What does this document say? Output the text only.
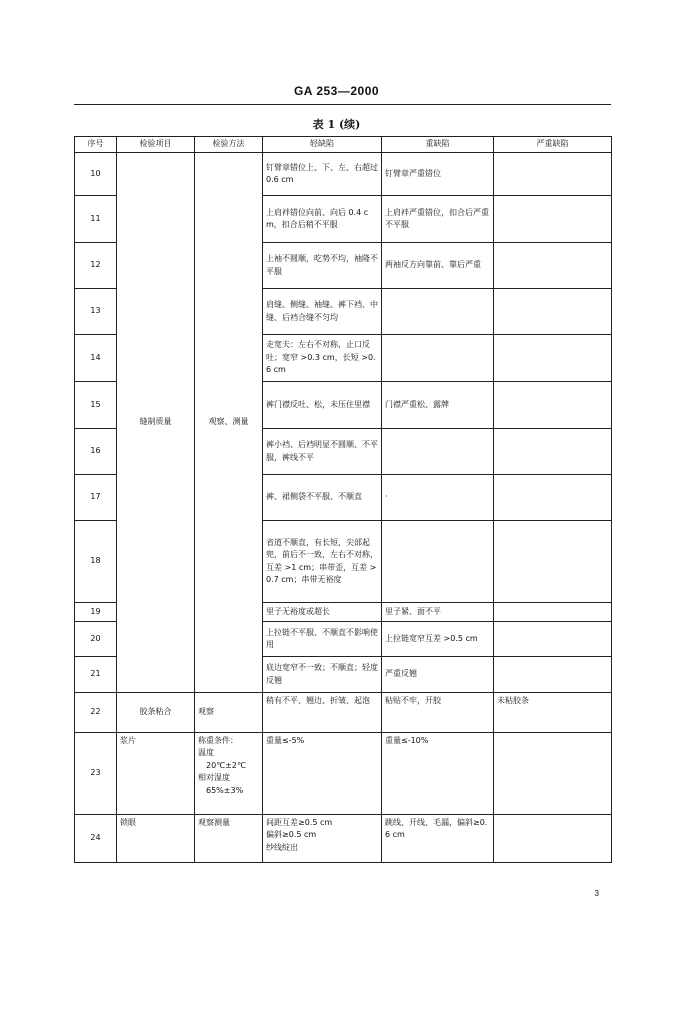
GA 253—2000
表 1 (续)
序号	检验项目	检验方法	轻缺陷	重缺陷	严重缺陷
10	缝制质量	观察、测量	钉臂章错位上、下、左、右超过 0.6 cm	钉臂章严重错位	
11			上肩袢错位向前、向后 0.4 cm，扣合后稍不平服	上肩袢严重错位，扣合后严重不平服	
12			上袖不圆顺，吃势不均，袖隆不平服	两袖反方向靠前、靠后严重	
13			肩缝、侧缝、袖缝、裤下裆、中缝、后裆合缝不匀均		
14			走宽夫：左右不对称，止口反吐；宽窄 >0.3 cm，长短 >0.6 cm		
15			裤门襟反吐、松，未压住里襟	门襟严重松、露牌	
16			裤小裆、后裆明显不圆顺、不平服，裤线不平		
17			裤、裙侧袋不平服、不顺直	·	
18			省道不顺直，有长短，尖部起兜，前后不一致，左右不对称，互差 >1 cm；串带歪，互差 >0.7 cm；串带无裕度		
19			里子无裕度或超长	里子紧、面不平	
20			上拉链不平服、不顺直不影响使用	上拉链宽窄互差 >0.5 cm	
21			底边宽窄不一致；不顺直；轻度反翘	严重反翘	
22	胶条粘合	观察	稍有不平、翘边、折皱、起泡	粘贴不牢，开胶	未粘胶条
23	浆片	称重条件：
温度
20℃±2℃
相对湿度
65%±3%	重量≤-5%	重量≤-10%	
24	锁眼	观察测量	间距互差≥0.5 cm
偏斜≥0.5 cm
纱线绽出	跳线、开线、毛漏，偏斜≥0.6 cm	
3
